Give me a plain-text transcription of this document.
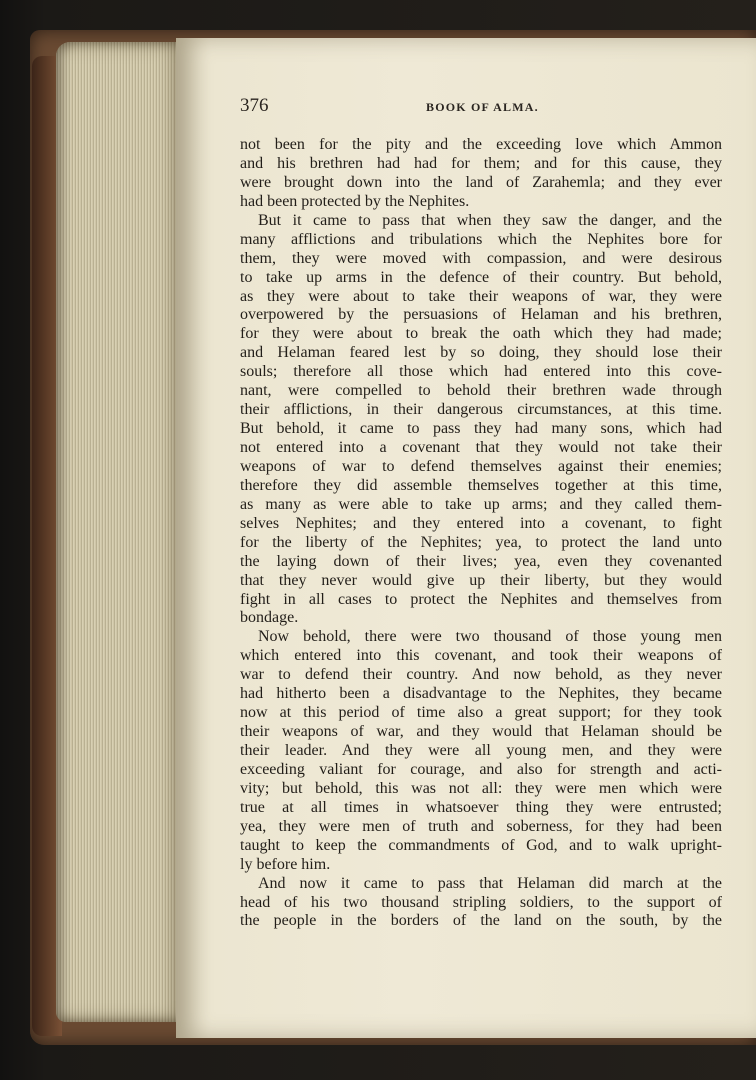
376	BOOK OF ALMA.
not been for the pity and the exceeding love which Ammon
and his brethren had had for them; and for this cause, they
were brought down into the land of Zarahemla; and they ever
had been protected by the Nephites.
But it came to pass that when they saw the danger, and the
many afflictions and tribulations which the Nephites bore for
them, they were moved with compassion, and were desirous
to take up arms in the defence of their country. But behold,
as they were about to take their weapons of war, they were
overpowered by the persuasions of Helaman and his brethren,
for they were about to break the oath which they had made;
and Helaman feared lest by so doing, they should lose their
souls; therefore all those which had entered into this cove-
nant, were compelled to behold their brethren wade through
their afflictions, in their dangerous circumstances, at this time.
But behold, it came to pass they had many sons, which had
not entered into a covenant that they would not take their
weapons of war to defend themselves against their enemies;
therefore they did assemble themselves together at this time,
as many as were able to take up arms; and they called them-
selves Nephites; and they entered into a covenant, to fight
for the liberty of the Nephites; yea, to protect the land unto
the laying down of their lives; yea, even they covenanted
that they never would give up their liberty, but they would
fight in all cases to protect the Nephites and themselves from
bondage.
Now behold, there were two thousand of those young men
which entered into this covenant, and took their weapons of
war to defend their country. And now behold, as they never
had hitherto been a disadvantage to the Nephites, they became
now at this period of time also a great support; for they took
their weapons of war, and they would that Helaman should be
their leader. And they were all young men, and they were
exceeding valiant for courage, and also for strength and acti-
vity; but behold, this was not all: they were men which were
true at all times in whatsoever thing they were entrusted;
yea, they were men of truth and soberness, for they had been
taught to keep the commandments of God, and to walk upright-
ly before him.
And now it came to pass that Helaman did march at the
head of his two thousand stripling soldiers, to the support of
the people in the borders of the land on the south, by the
